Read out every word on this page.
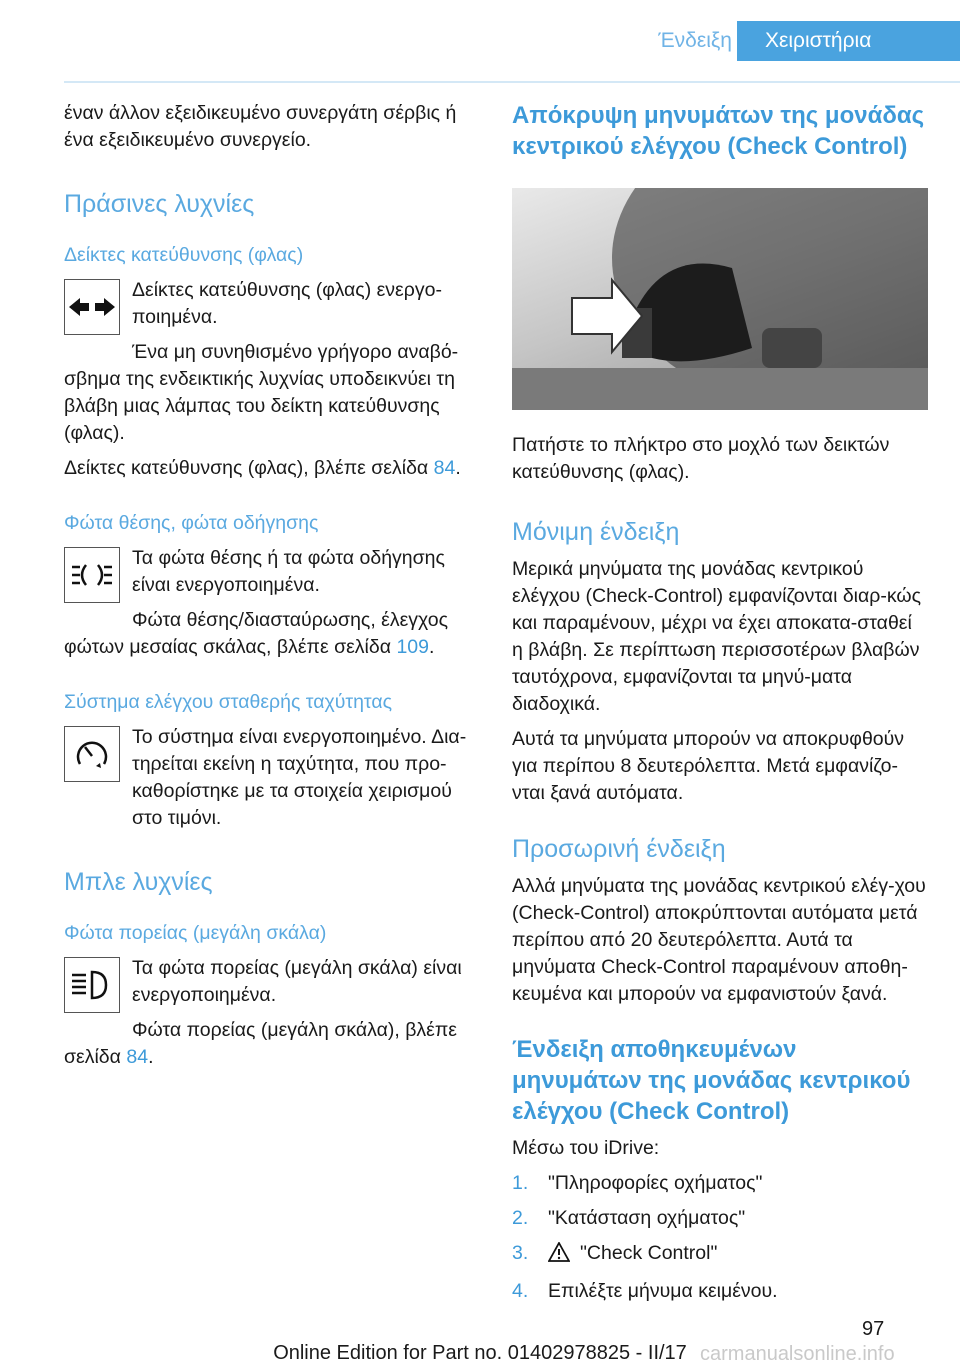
Ένδειξη	Χειριστήρια

έναν άλλον εξειδικευμένο συνεργάτη σέρβις ή ένα εξειδικευμένο συνεργείο.

Πράσινες λυχνίες
Δείκτες κατεύθυνσης (φλας)

Δείκτες κατεύθυνσης (φλας) ενεργο-ποιημένα.

Ένα μη συνηθισμένο γρήγορο αναβό-σβημα της ενδεικτικής λυχνίας υποδεικνύει τη βλάβη μιας λάμπας του δείκτη κατεύθυνσης (φλας).

Δείκτες κατεύθυνσης (φλας), βλέπε σελίδα 84.

Φώτα θέσης, φώτα οδήγησης

Τα φώτα θέσης ή τα φώτα οδήγησης είναι ενεργοποιημένα.

Φώτα θέσης/διασταύρωσης, έλεγχος φώτων μεσαίας σκάλας, βλέπε σελίδα 109.

Σύστημα ελέγχου σταθερής ταχύτητας

Το σύστημα είναι ενεργοποιημένο. Δια-τηρείται εκείνη η ταχύτητα, που προ-καθορίστηκε με τα στοιχεία χειρισμού στο τιμόνι.

Μπλε λυχνίες
Φώτα πορείας (μεγάλη σκάλα)

Τα φώτα πορείας (μεγάλη σκάλα) είναι ενεργοποιημένα.

Φώτα πορείας (μεγάλη σκάλα), βλέπε σελίδα 84.

Απόκρυψη μηνυμάτων της μονάδας κεντρικού ελέγχου (Check Control)

Πατήστε το πλήκτρο στο μοχλό των δεικτών κατεύθυνσης (φλας).

Μόνιμη ένδειξη

Μερικά μηνύματα της μονάδας κεντρικού ελέγχου (Check-Control) εμφανίζονται διαρ-κώς και παραμένουν, μέχρι να έχει αποκατα-σταθεί η βλάβη. Σε περίπτωση περισσοτέρων βλαβών ταυτόχρονα, εμφανίζονται τα μηνύ-ματα διαδοχικά.

Αυτά τα μηνύματα μπορούν να αποκρυφθούν για περίπου 8 δευτερόλεπτα. Μετά εμφανίζο-νται ξανά αυτόματα.

Προσωρινή ένδειξη

Αλλά μηνύματα της μονάδας κεντρικού ελέγ-χου (Check-Control) αποκρύπτονται αυτόματα μετά περίπου από 20 δευτερόλεπτα. Αυτά τα μηνύματα Check-Control παραμένουν αποθη-κευμένα και μπορούν να εμφανιστούν ξανά.

Ένδειξη αποθηκευμένων μηνυμάτων της μονάδας κεντρικού ελέγχου (Check Control)

Μέσω του iDrive:

1. "Πληροφορίες οχήματος"
2. "Κατάσταση οχήματος"
3.	"Check Control"
4. Επιλέξτε μήνυμα κειμένου.
97
Online Edition for Part no. 01402978825 - II/17 carmanualsonline.info
